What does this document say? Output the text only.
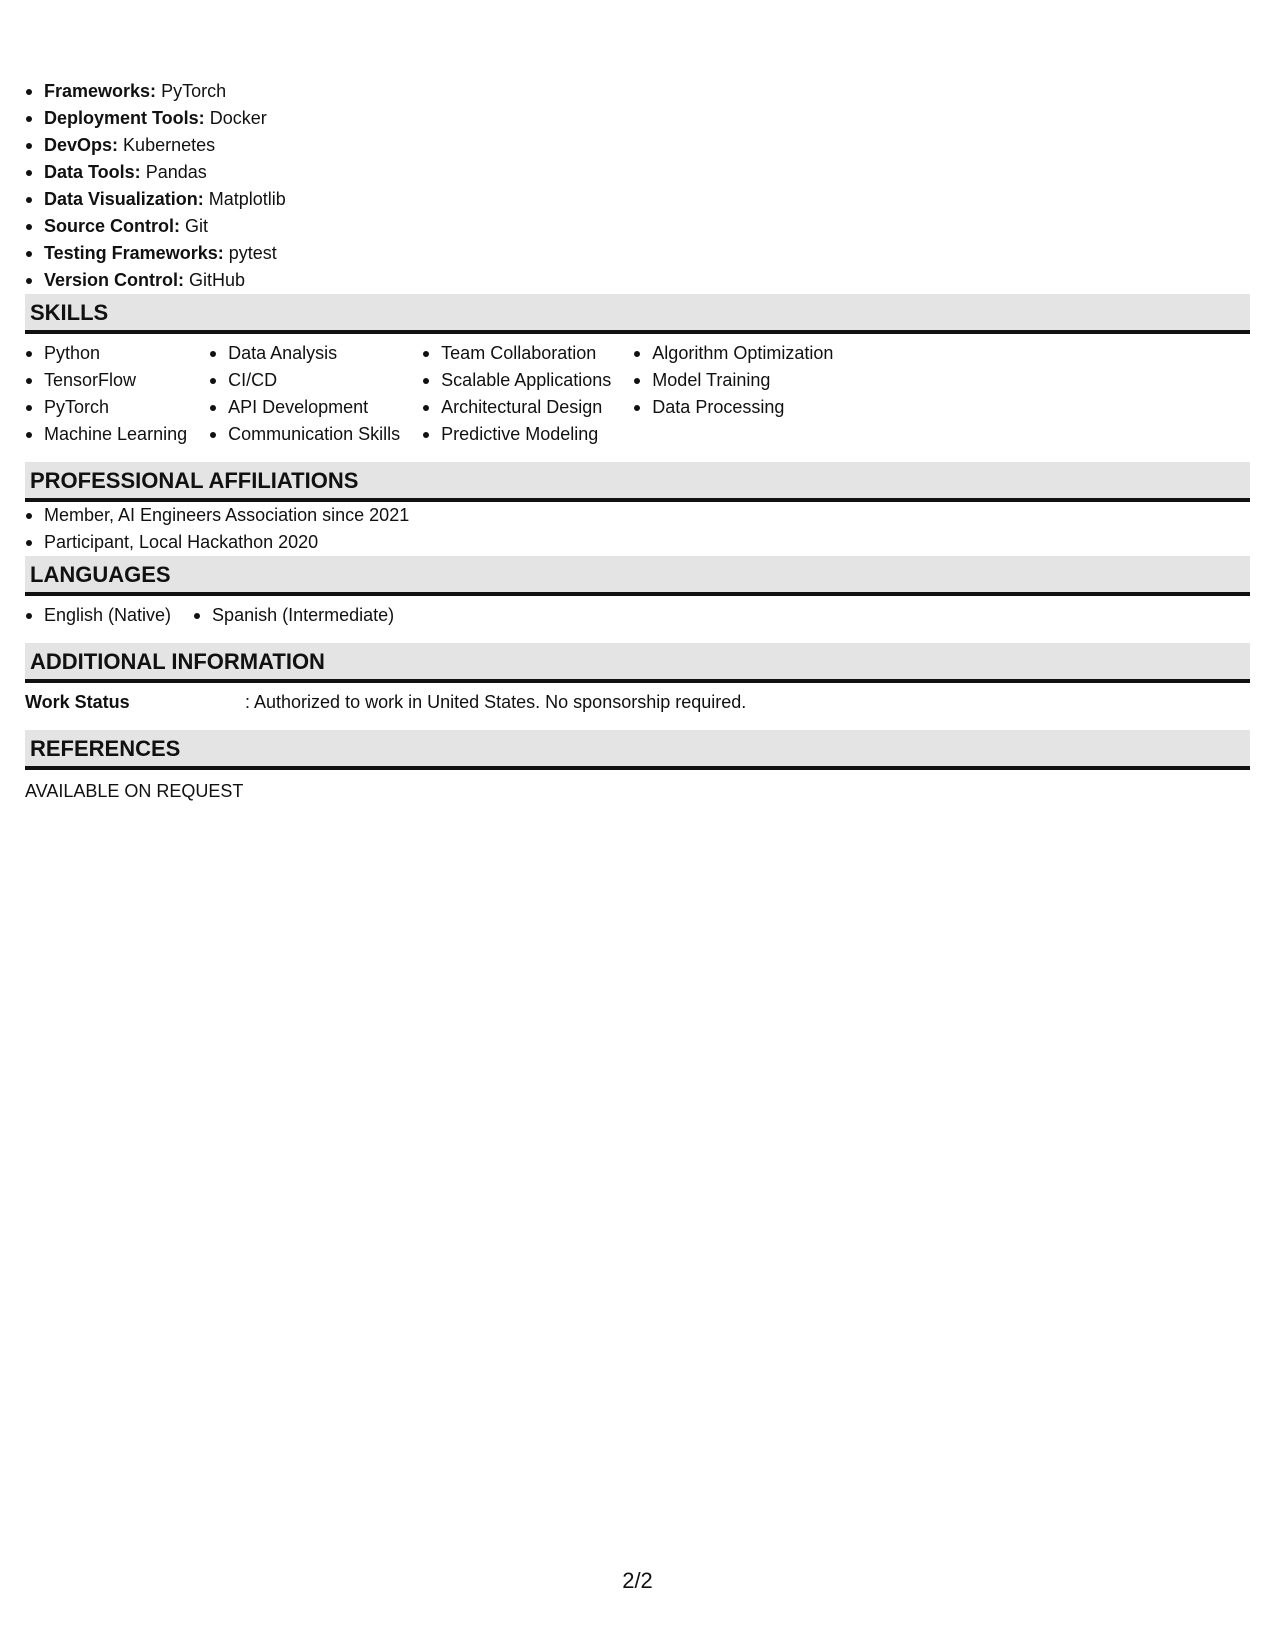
Frameworks: PyTorch
Deployment Tools: Docker
DevOps: Kubernetes
Data Tools: Pandas
Data Visualization: Matplotlib
Source Control: Git
Testing Frameworks: pytest
Version Control: GitHub
SKILLS
Python
TensorFlow
PyTorch
Machine Learning
Data Analysis
CI/CD
API Development
Communication Skills
Team Collaboration
Scalable Applications
Architectural Design
Predictive Modeling
Algorithm Optimization
Model Training
Data Processing
PROFESSIONAL AFFILIATIONS
Member, AI Engineers Association since 2021
Participant, Local Hackathon 2020
LANGUAGES
English (Native)	Spanish (Intermediate)
ADDITIONAL INFORMATION
Work Status	: Authorized to work in United States. No sponsorship required.
REFERENCES
AVAILABLE ON REQUEST
2/2
